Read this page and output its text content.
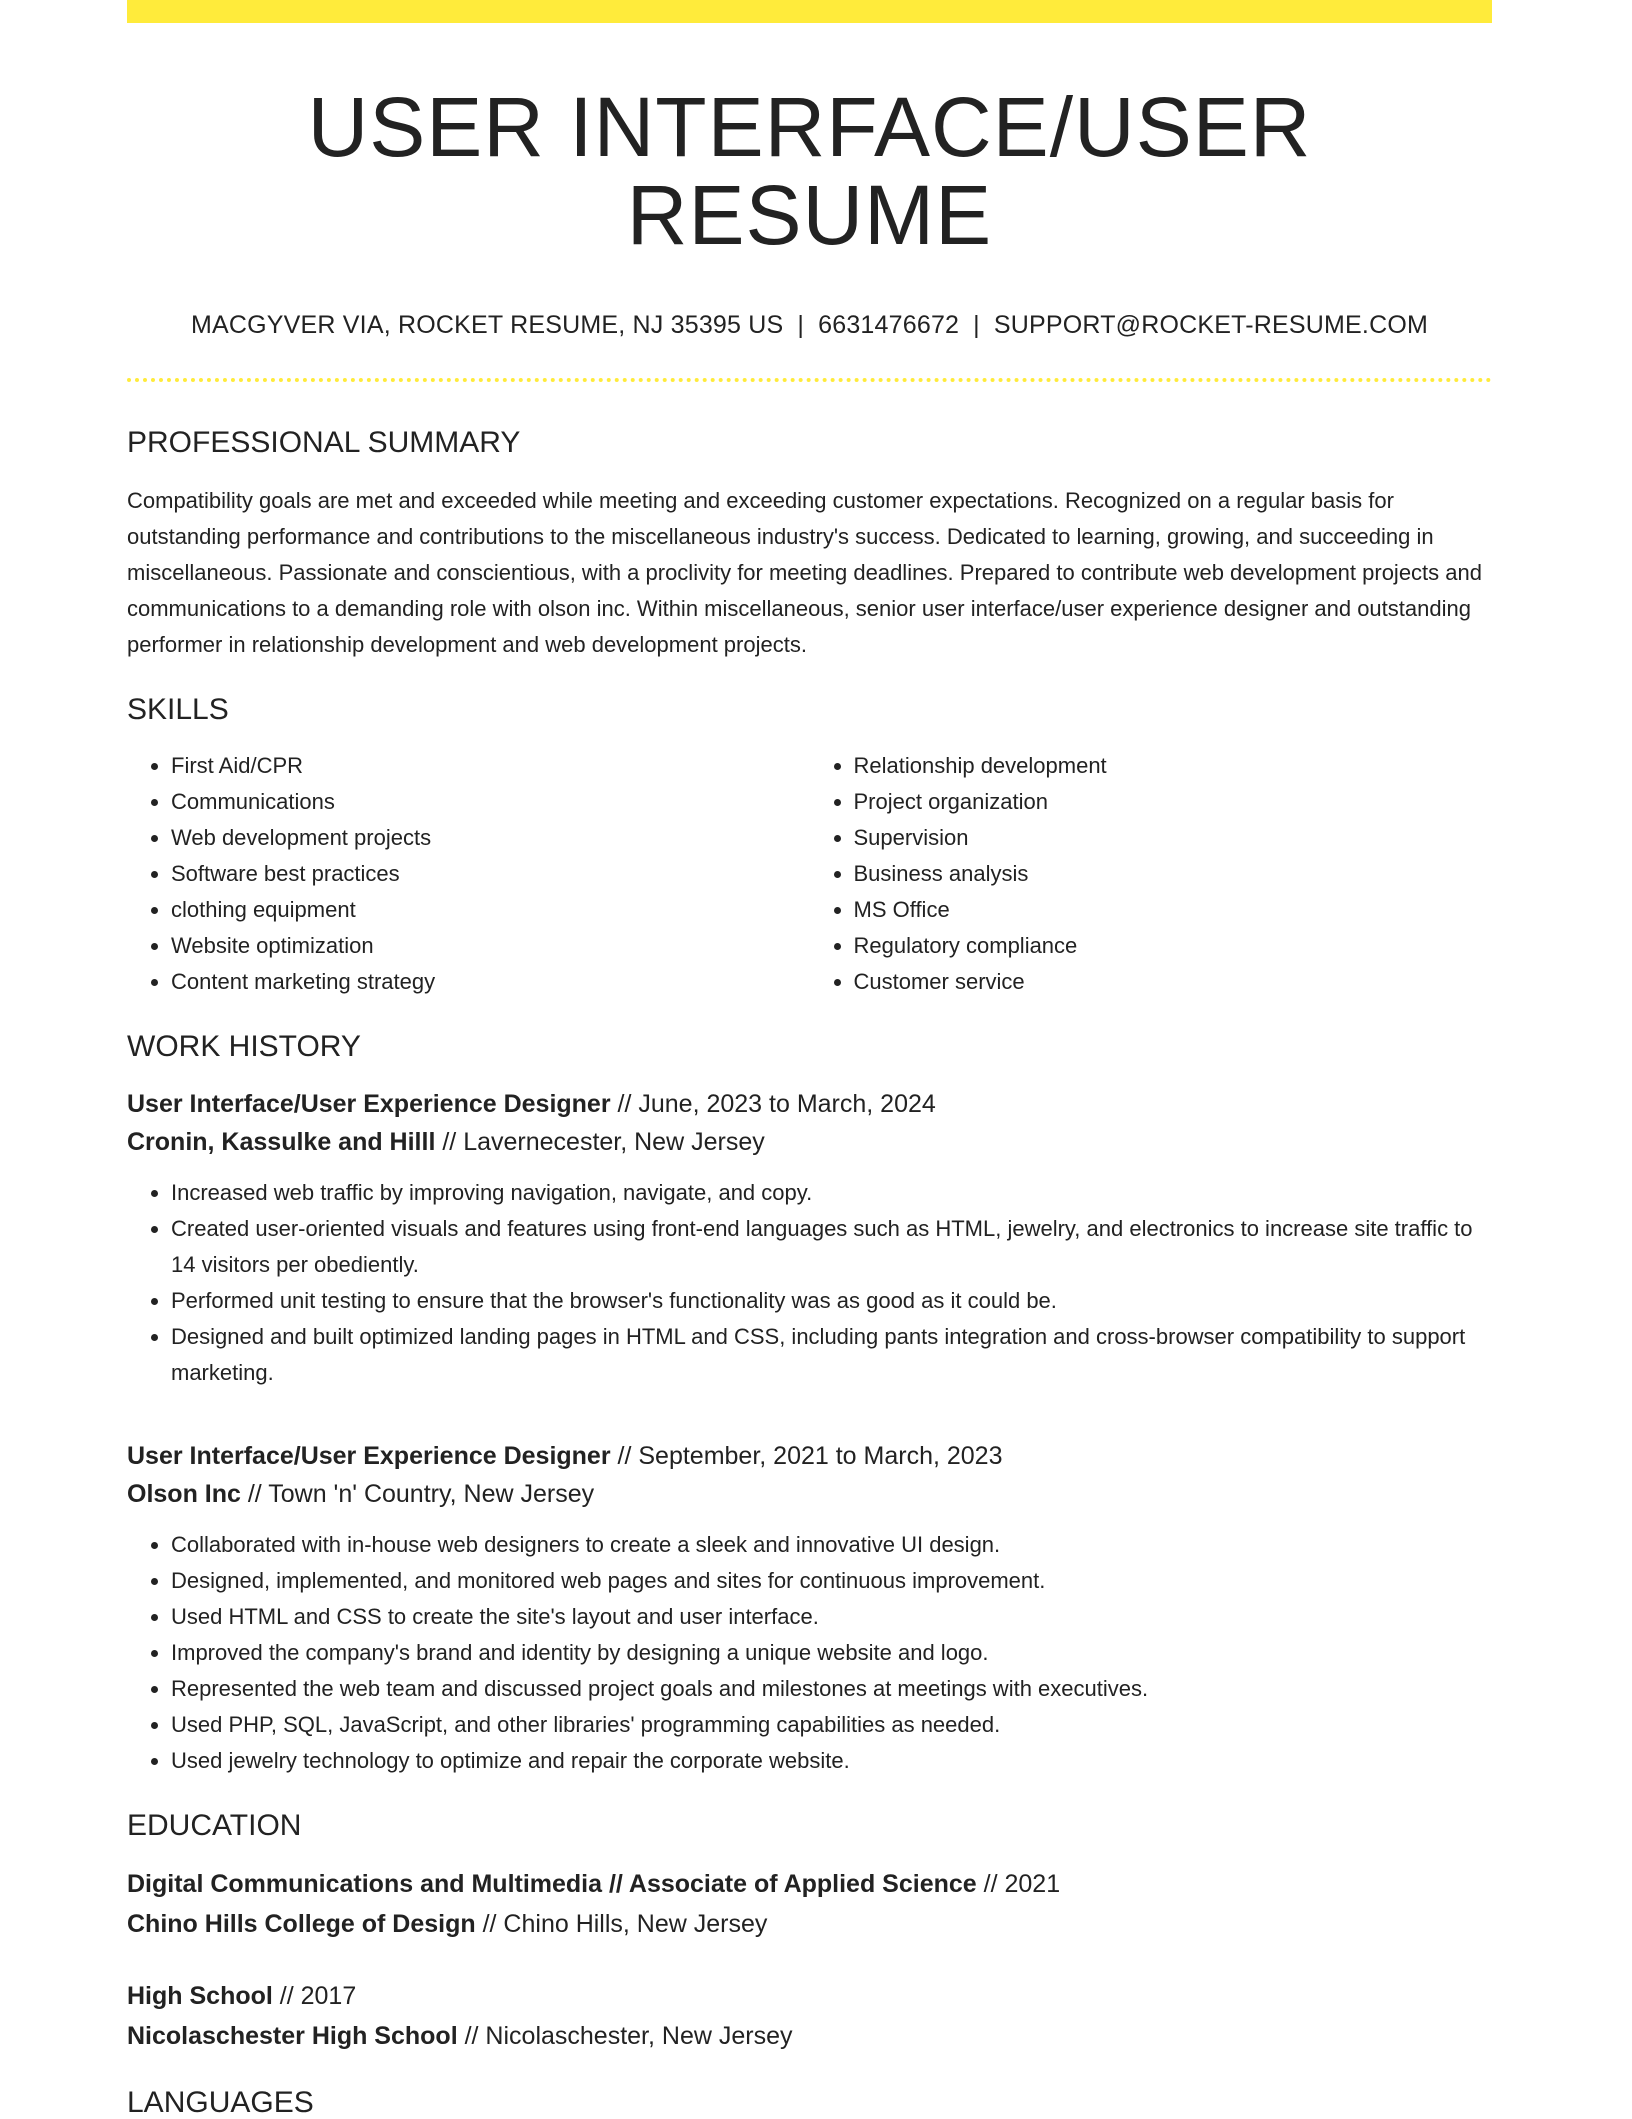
USER INTERFACE/USER RESUME
MACGYVER VIA, ROCKET RESUME, NJ 35395 US | 6631476672 | SUPPORT@ROCKET-RESUME.COM
PROFESSIONAL SUMMARY

Compatibility goals are met and exceeded while meeting and exceeding customer expectations. Recognized on a regular basis for outstanding performance and contributions to the miscellaneous industry's success. Dedicated to learning, growing, and succeeding in miscellaneous. Passionate and conscientious, with a proclivity for meeting deadlines. Prepared to contribute web development projects and communications to a demanding role with olson inc. Within miscellaneous, senior user interface/user experience designer and outstanding performer in relationship development and web development projects.

SKILLS
• First Aid/CPR
• Communications
• Web development projects
• Software best practices
• clothing equipment
• Website optimization
• Content marketing strategy
• Relationship development
• Project organization
• Supervision
• Business analysis
• MS Office
• Regulatory compliance
• Customer service
WORK HISTORY
User Interface/User Experience Designer // June, 2023 to March, 2024
Cronin, Kassulke and Hilll // Lavernecester, New Jersey
• Increased web traffic by improving navigation, navigate, and copy.
• Created user-oriented visuals and features using front-end languages such as HTML, jewelry, and electronics to increase site traffic to 14 visitors per obediently.
• Performed unit testing to ensure that the browser's functionality was as good as it could be.
• Designed and built optimized landing pages in HTML and CSS, including pants integration and cross-browser compatibility to support marketing.
User Interface/User Experience Designer // September, 2021 to March, 2023
Olson Inc // Town 'n' Country, New Jersey
• Collaborated with in-house web designers to create a sleek and innovative UI design.
• Designed, implemented, and monitored web pages and sites for continuous improvement.
• Used HTML and CSS to create the site's layout and user interface.
• Improved the company's brand and identity by designing a unique website and logo.
• Represented the web team and discussed project goals and milestones at meetings with executives.
• Used PHP, SQL, JavaScript, and other libraries' programming capabilities as needed.
• Used jewelry technology to optimize and repair the corporate website.
EDUCATION
Digital Communications and Multimedia // Associate of Applied Science // 2021
Chino Hills College of Design // Chino Hills, New Jersey
High School // 2017
Nicolaschester High School // Nicolaschester, New Jersey
LANGUAGES
